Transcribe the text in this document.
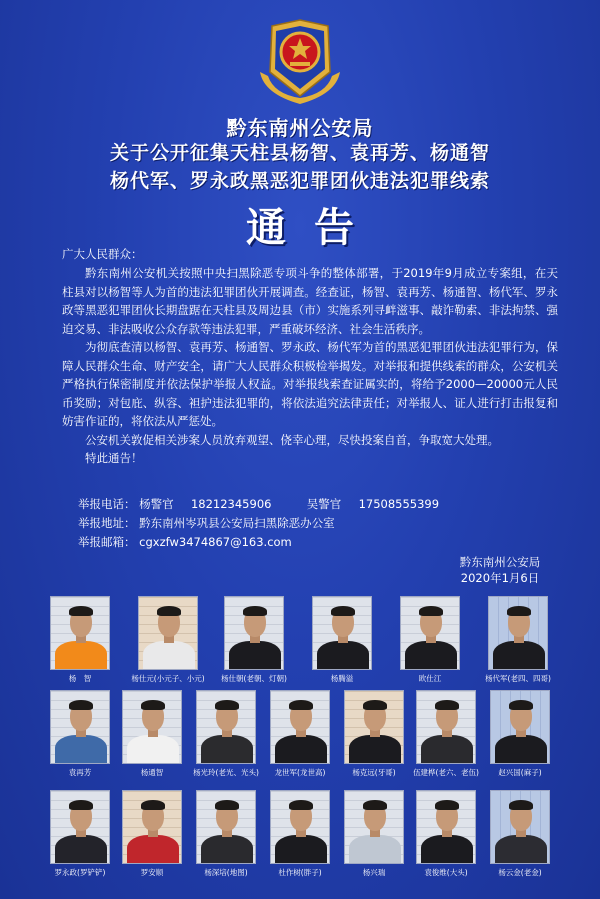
黔东南州公安局
关于公开征集天柱县杨智、袁再芳、杨通智
杨代军、罗永政黑恶犯罪团伙违法犯罪线索
通告
广大人民群众：

黔东南州公安机关按照中央扫黑除恶专项斗争的整体部署，于2019年9月成立专案组，在天柱县对以杨智等人为首的违法犯罪团伙开展调查。经查证，杨智、袁再芳、杨通智、杨代军、罗永政等黑恶犯罪团伙长期盘踞在天柱县及周边县（市）实施系列寻衅滋事、敲诈勒索、非法拘禁、强迫交易、非法吸收公众存款等违法犯罪，严重破坏经济、社会生活秩序。

为彻底查清以杨智、袁再芳、杨通智、罗永政、杨代军为首的黑恶犯罪团伙违法犯罪行为，保障人民群众生命、财产安全，请广大人民群众积极检举揭发。对举报和提供线索的群众，公安机关严格执行保密制度并依法保护举报人权益。对举报线索查证属实的，将给予2000—20000元人民币奖励；对包庇、纵容、袒护违法犯罪的，将依法追究法律责任；对举报人、证人进行打击报复和妨害作证的，将依法从严惩处。

公安机关敦促相关涉案人员放弃观望、侥幸心理，尽快投案自首，争取宽大处理。

特此通告！

举报电话： 杨警官 18212345906	吴警官 17508555399
举报地址： 黔东南州岑巩县公安局扫黑除恶办公室
举报邮箱： cgxzfw3474867@163.com
黔东南州公安局
2020年1月6日
杨　智	杨仕元(小元子、小元)	杨仕朝(老朝、灯朝)	杨腾溢	欧仕江	杨代军(老四、四哥)
袁再芳	杨通智	杨光玲(老光、光头)	龙世军(龙世高)	杨克远(牙哥)	伍建桦(老六、老伍)	赵兴国(麻子)
罗永政(罗铲铲)	罗安顺	杨深培(地图)	杜作树(胖子)	杨兴瑞	袁俊维(大头)	杨云金(老金)
